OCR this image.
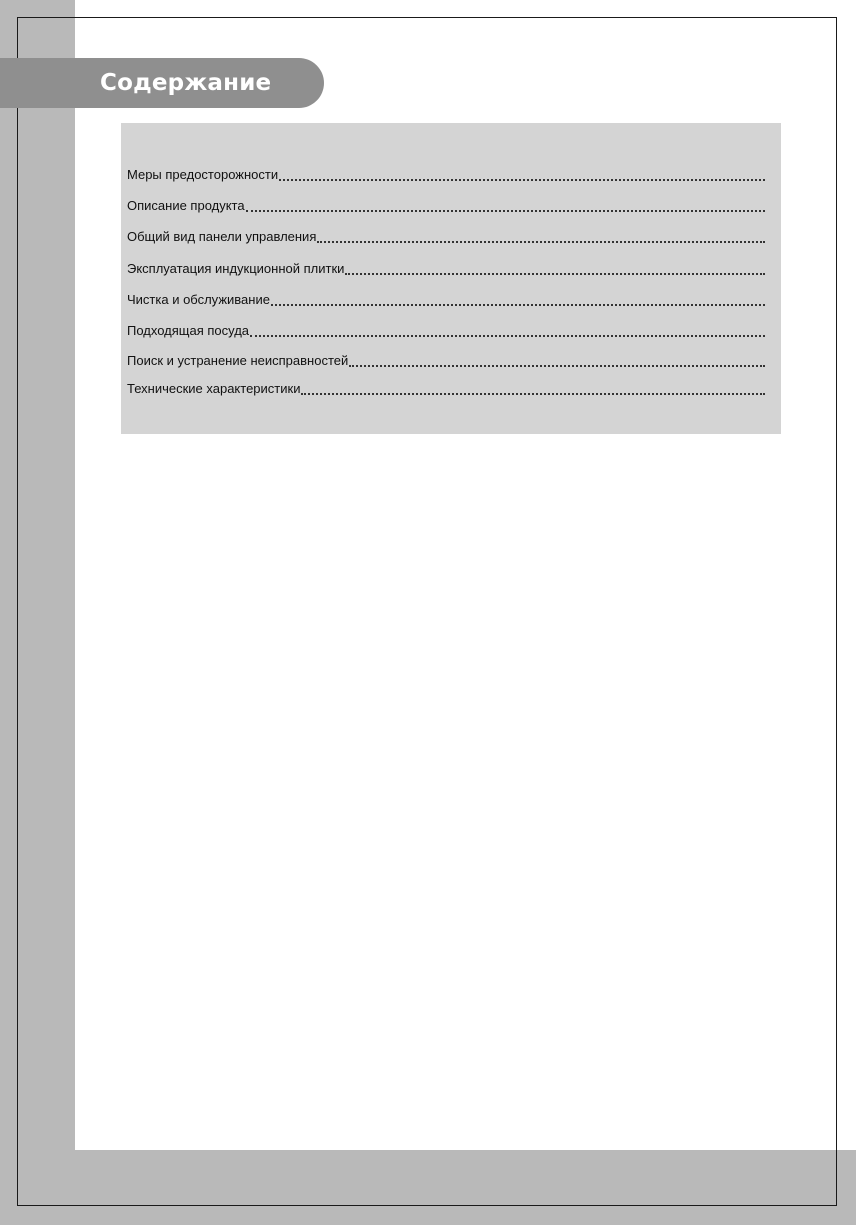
Содержание
Меры предосторожности
Описание продукта
Общий вид панели управления
Эксплуатация индукционной плитки
Чистка и обслуживание
Подходящая посуда
Поиск и устранение неисправностей
Технические характеристики
